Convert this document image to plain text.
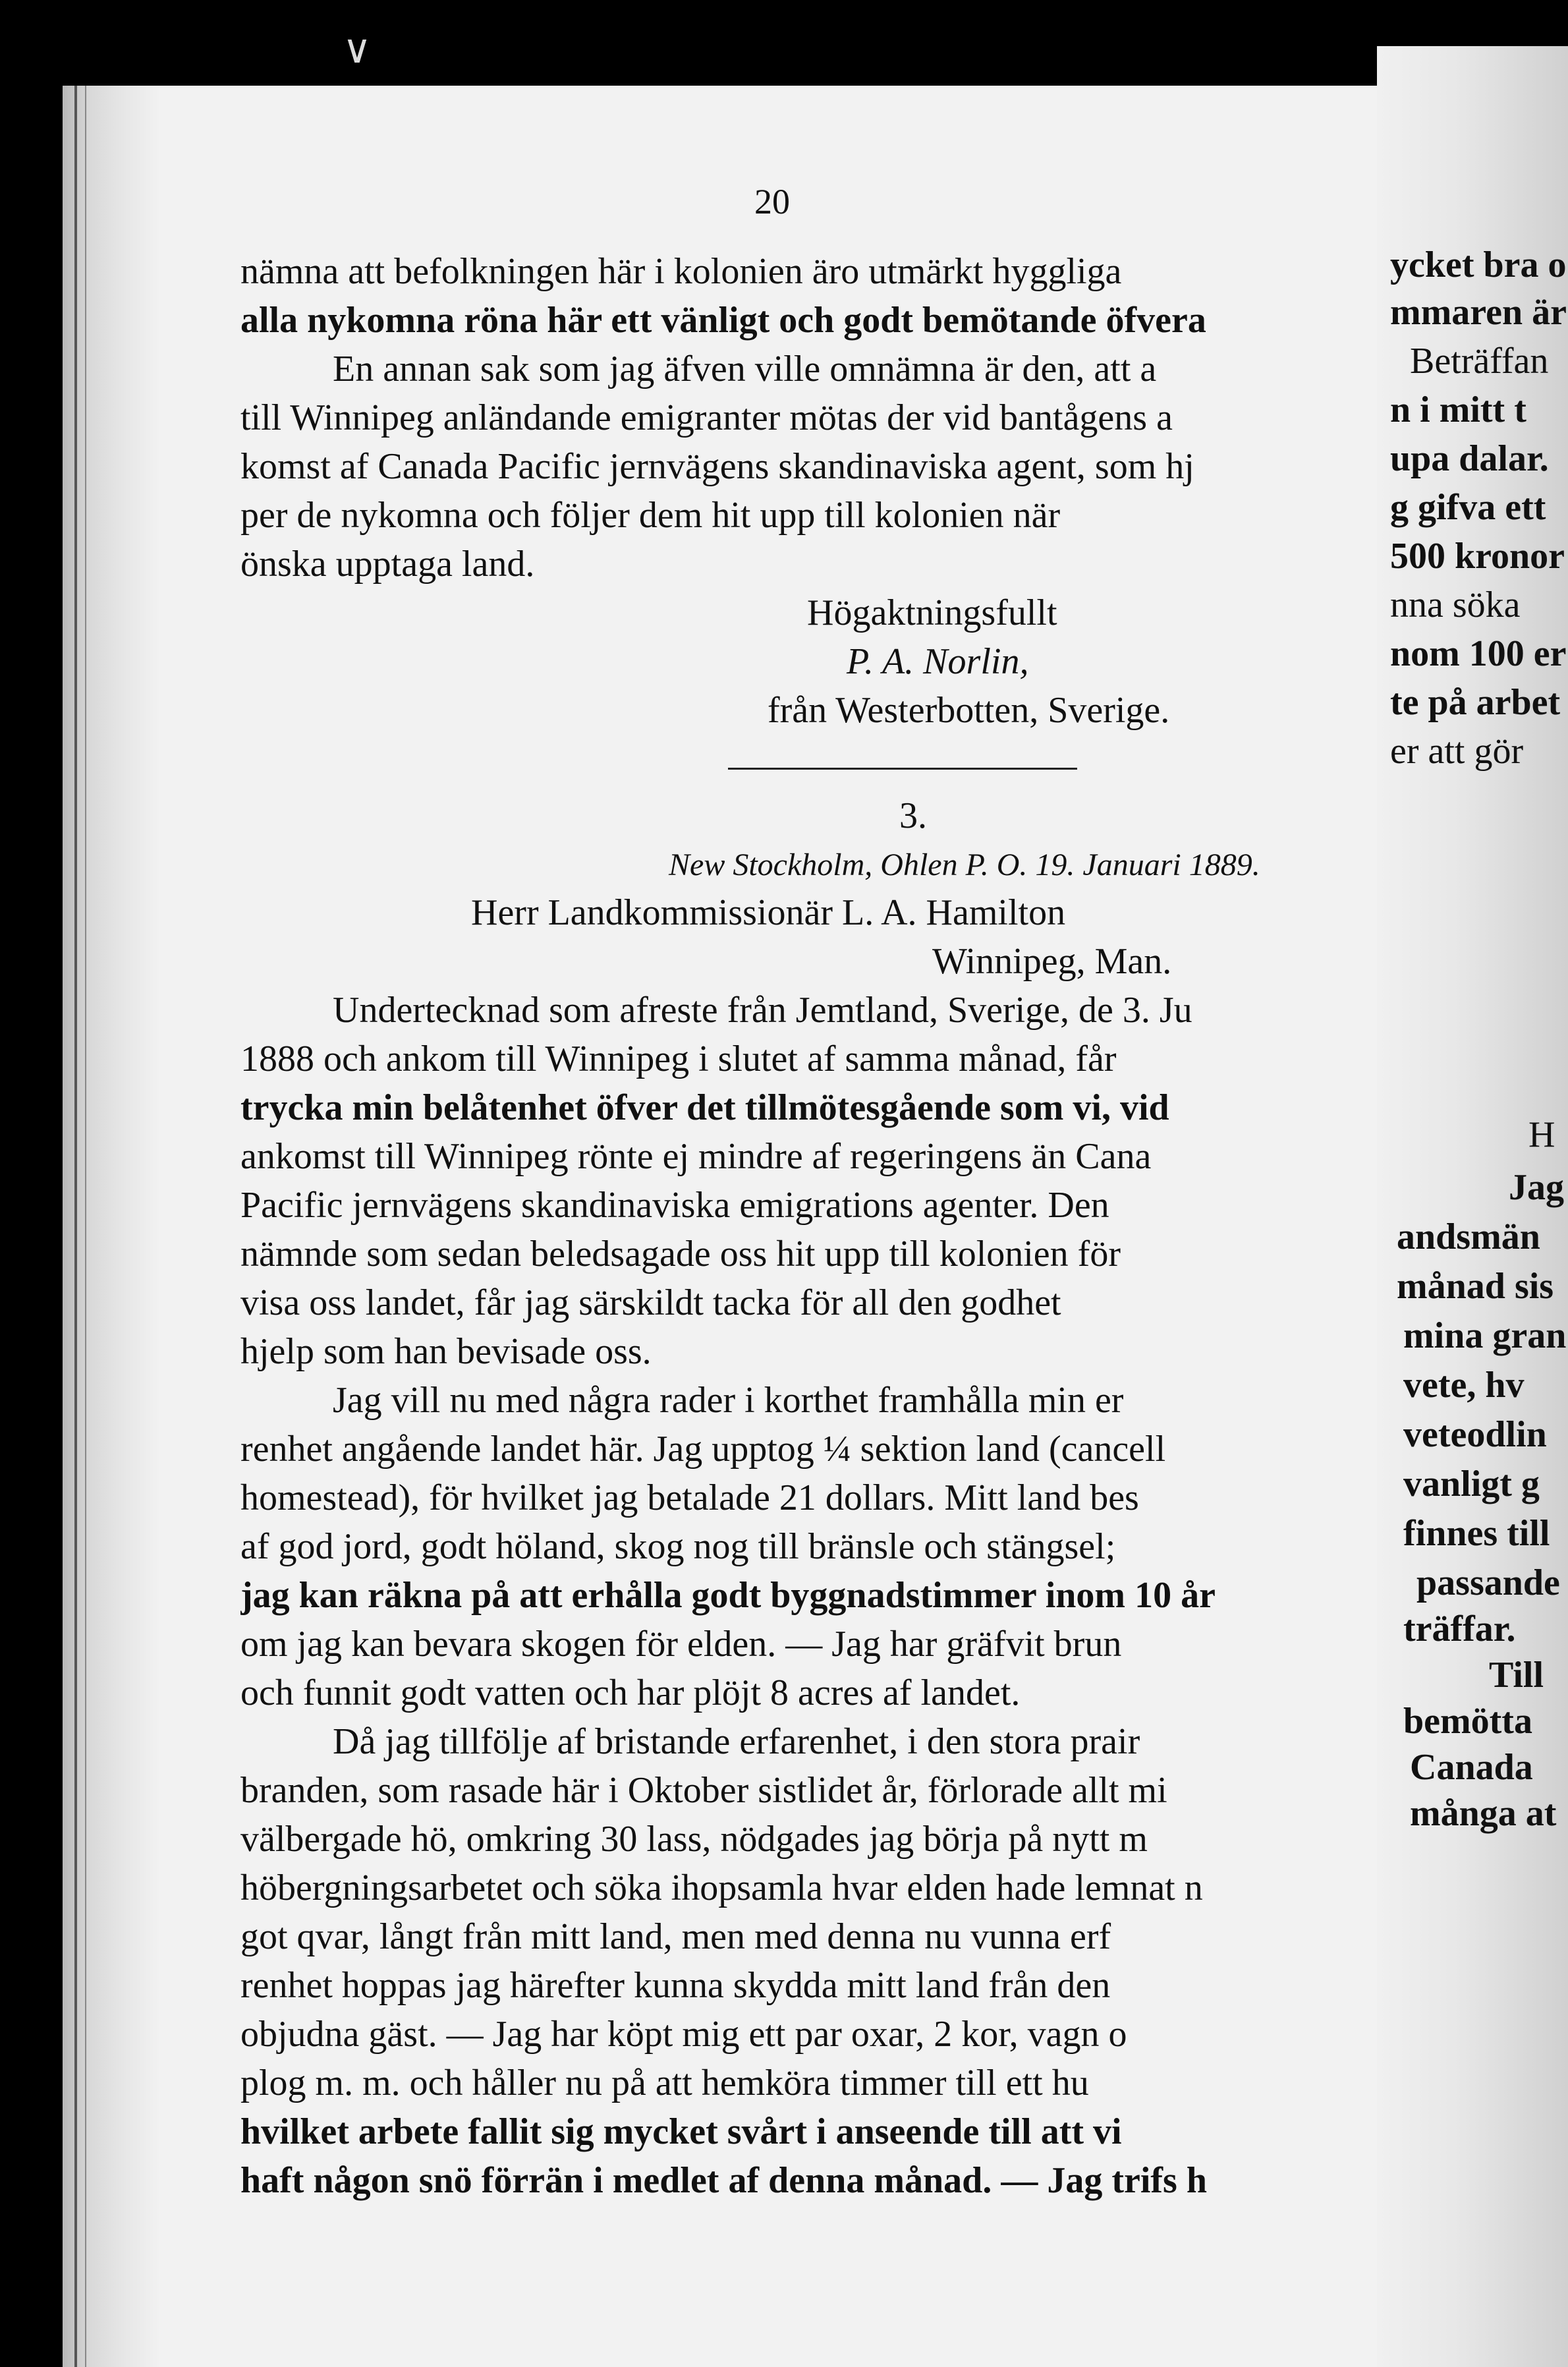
∨
20
nämna att befolkningen här i kolonien äro utmärkt hyggliga
alla nykomna röna här ett vänligt och godt bemötande öfvera
En annan sak som jag äfven ville omnämna är den, att a
till Winnipeg anländande emigranter mötas der vid bantågens a
komst af Canada Pacific jernvägens skandinaviska agent, som hj
per de nykomna och följer dem hit upp till kolonien när
önska upptaga land.
Högaktningsfullt
P. A. Norlin,
från Westerbotten, Sverige.
3.
New Stockholm, Ohlen P. O. 19. Januari 1889.
Herr Landkommissionär L. A. Hamilton
Winnipeg, Man.
Undertecknad som afreste från Jemtland, Sverige, de 3. Ju
1888 och ankom till Winnipeg i slutet af samma månad, får
trycka min belåtenhet öfver det tillmötesgående som vi, vid
ankomst till Winnipeg rönte ej mindre af regeringens än Cana
Pacific jernvägens skandinaviska emigrations agenter. Den
nämnde som sedan beledsagade oss hit upp till kolonien för
visa oss landet, får jag särskildt tacka för all den godhet
hjelp som han bevisade oss.
Jag vill nu med några rader i korthet framhålla min er
renhet angående landet här. Jag upptog ¼ sektion land (cancell
homestead), för hvilket jag betalade 21 dollars. Mitt land bes
af god jord, godt höland, skog nog till bränsle och stängsel;
jag kan räkna på att erhålla godt byggnadstimmer inom 10 år
om jag kan bevara skogen för elden. — Jag har gräfvit brun
och funnit godt vatten och har plöjt 8 acres af landet.
Då jag tillfölje af bristande erfarenhet, i den stora prair
branden, som rasade här i Oktober sistlidet år, förlorade allt mi
välbergade hö, omkring 30 lass, nödgades jag börja på nytt m
höbergningsarbetet och söka ihopsamla hvar elden hade lemnat n
got qvar, långt från mitt land, men med denna nu vunna erf
renhet hoppas jag härefter kunna skydda mitt land från den
objudna gäst. — Jag har köpt mig ett par oxar, 2 kor, vagn o
plog m. m. och håller nu på att hemköra timmer till ett hu
hvilket arbete fallit sig mycket svårt i anseende till att vi
haft någon snö förrän i medlet af denna månad. — Jag trifs h
ycket bra o
mmaren är
Beträffan
n i mitt t
upa dalar.
g gifva ett
500 kronor
nna söka
nom 100 er
te på arbet
er att gör
H
Jag
andsmän
månad sis
mina gran
vete, hv
veteodlin
vanligt g
finnes till
passande
träffar.
Till
bemötta
Canada
många at
